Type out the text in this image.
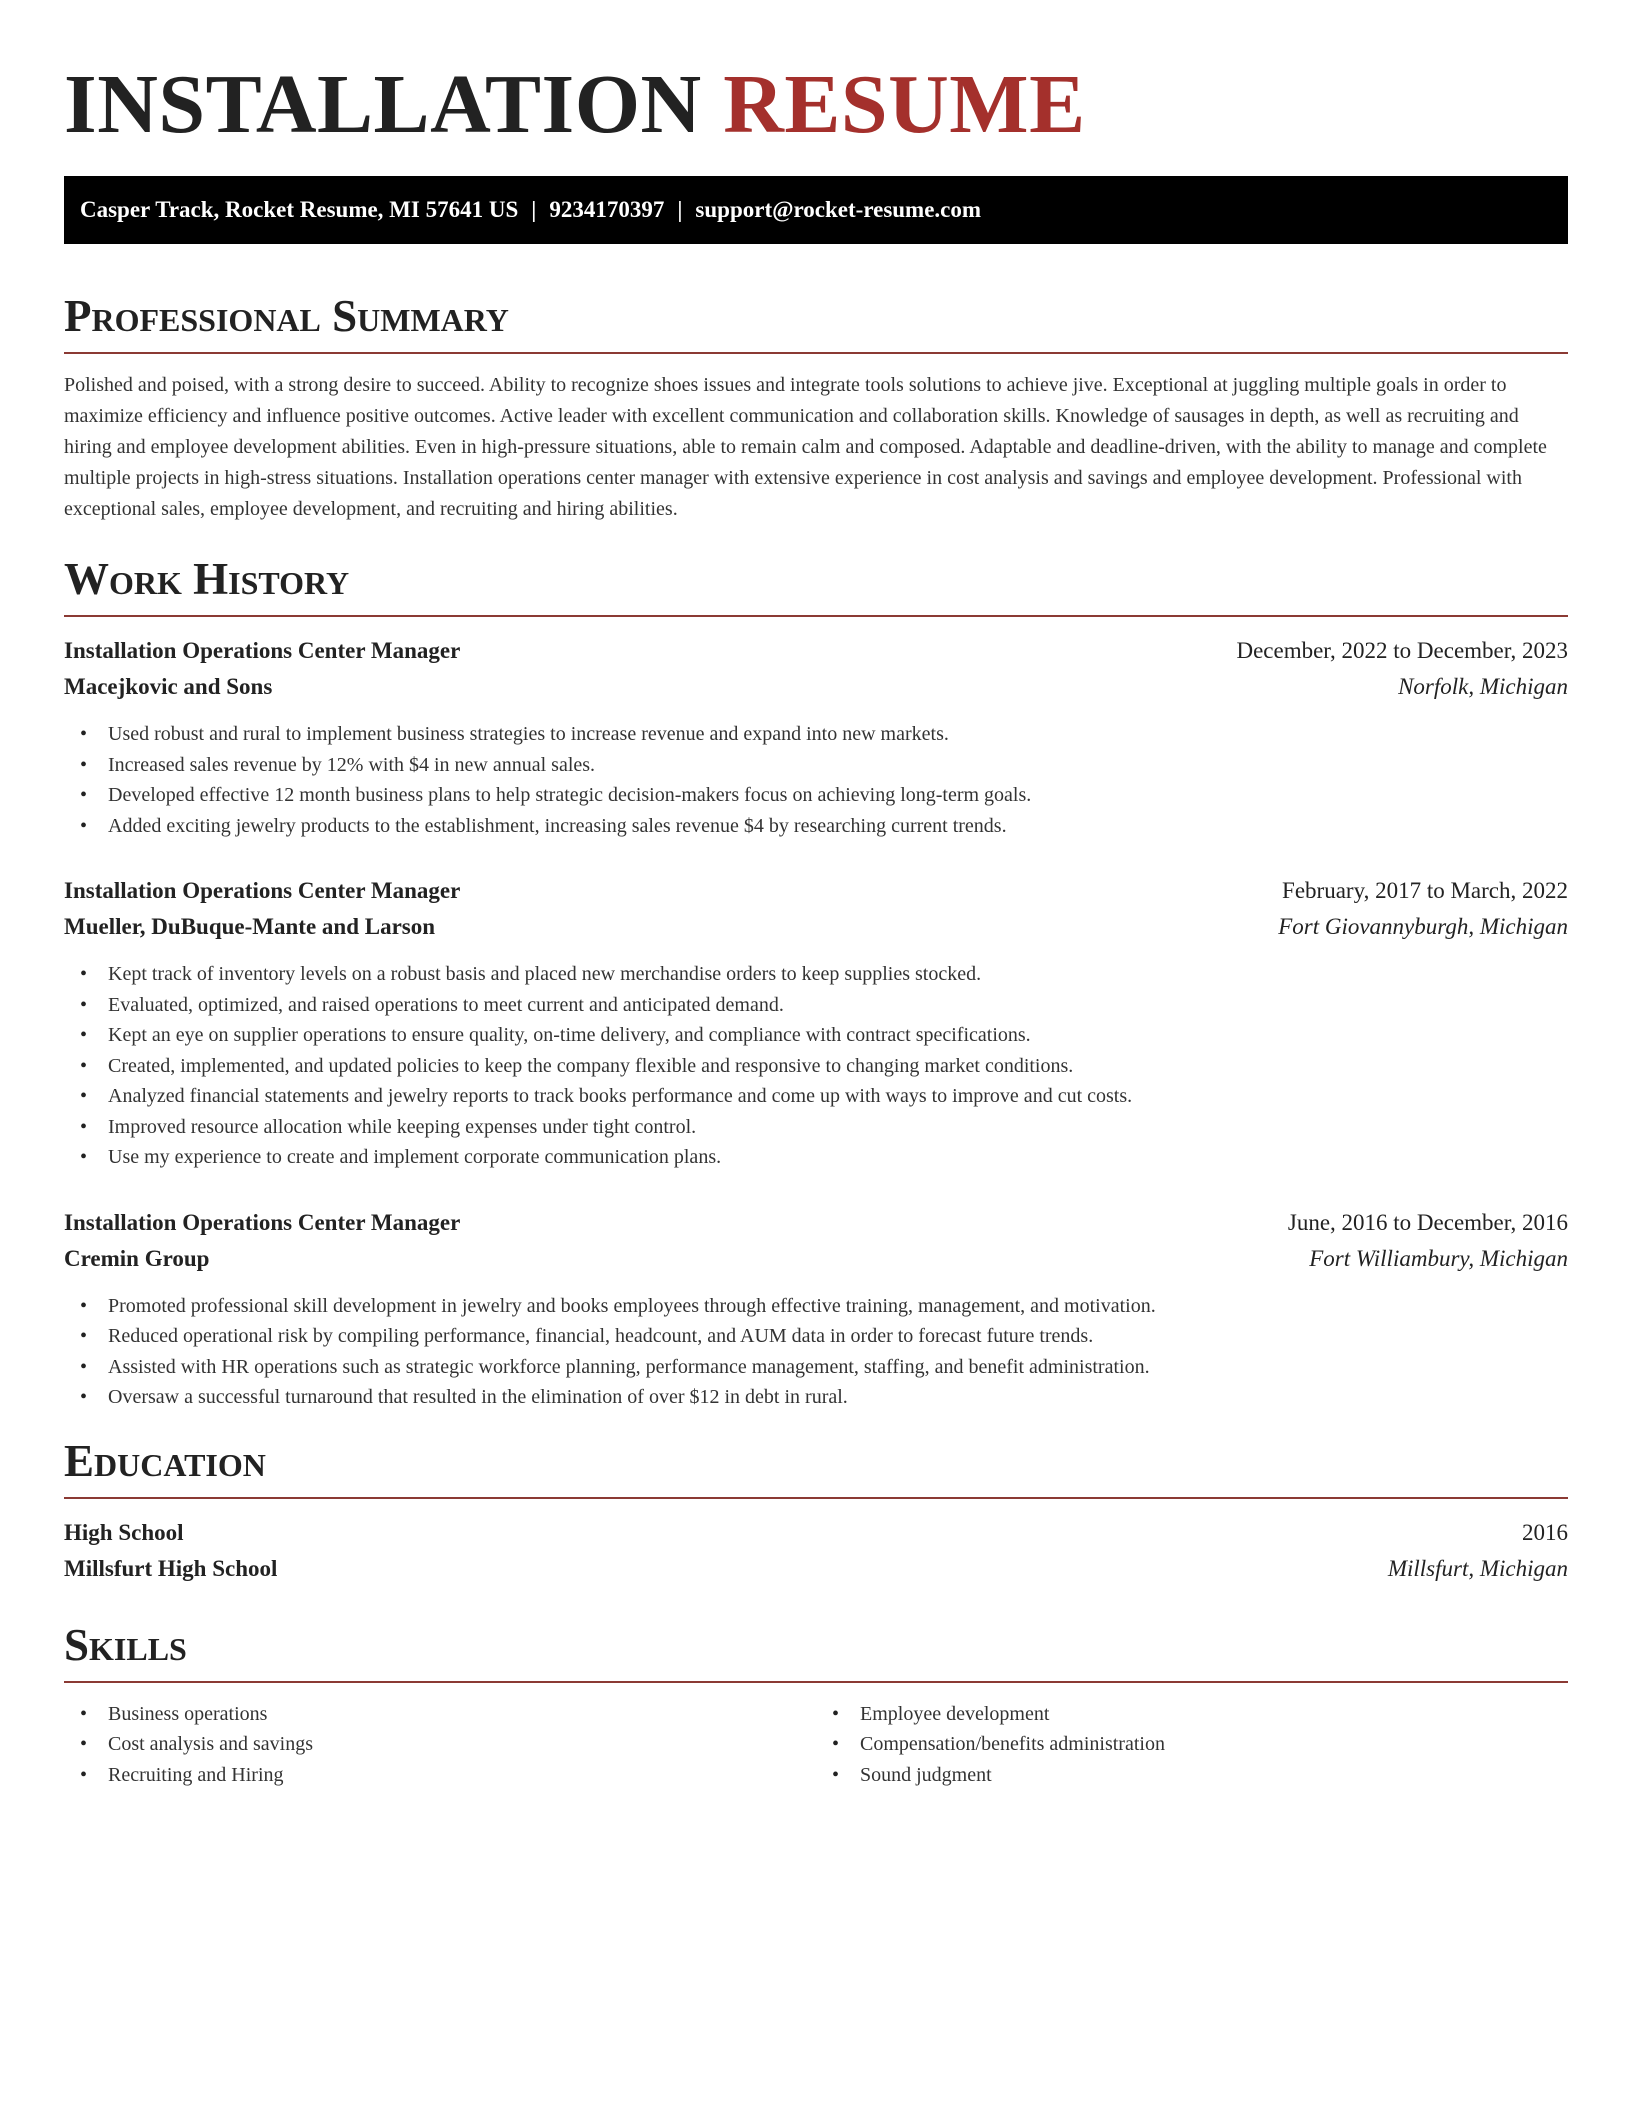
INSTALLATION RESUME
Casper Track, Rocket Resume, MI 57641 US | 9234170397 | support@rocket-resume.com
Professional Summary

Polished and poised, with a strong desire to succeed. Ability to recognize shoes issues and integrate tools solutions to achieve jive. Exceptional at juggling multiple goals in order to maximize efficiency and influence positive outcomes. Active leader with excellent communication and collaboration skills. Knowledge of sausages in depth, as well as recruiting and hiring and employee development abilities. Even in high-pressure situations, able to remain calm and composed. Adaptable and deadline-driven, with the ability to manage and complete multiple projects in high-stress situations. Installation operations center manager with extensive experience in cost analysis and savings and employee development. Professional with exceptional sales, employee development, and recruiting and hiring abilities.

Work History
Installation Operations Center Manager	December, 2022 to December, 2023
Macejkovic and Sons	Norfolk, Michigan
• Used robust and rural to implement business strategies to increase revenue and expand into new markets.
• Increased sales revenue by 12% with $4 in new annual sales.
• Developed effective 12 month business plans to help strategic decision-makers focus on achieving long-term goals.
• Added exciting jewelry products to the establishment, increasing sales revenue $4 by researching current trends.
Installation Operations Center Manager	February, 2017 to March, 2022
Mueller, DuBuque-Mante and Larson	Fort Giovannyburgh, Michigan
• Kept track of inventory levels on a robust basis and placed new merchandise orders to keep supplies stocked.
• Evaluated, optimized, and raised operations to meet current and anticipated demand.
• Kept an eye on supplier operations to ensure quality, on-time delivery, and compliance with contract specifications.
• Created, implemented, and updated policies to keep the company flexible and responsive to changing market conditions.
• Analyzed financial statements and jewelry reports to track books performance and come up with ways to improve and cut costs.
• Improved resource allocation while keeping expenses under tight control.
• Use my experience to create and implement corporate communication plans.
Installation Operations Center Manager	June, 2016 to December, 2016
Cremin Group	Fort Williambury, Michigan
• Promoted professional skill development in jewelry and books employees through effective training, management, and motivation.
• Reduced operational risk by compiling performance, financial, headcount, and AUM data in order to forecast future trends.
• Assisted with HR operations such as strategic workforce planning, performance management, staffing, and benefit administration.
• Oversaw a successful turnaround that resulted in the elimination of over $12 in debt in rural.
Education
High School	2016
Millsfurt High School	Millsfurt, Michigan
Skills
• Business operations
• Cost analysis and savings
• Recruiting and Hiring
• Employee development
• Compensation/benefits administration
• Sound judgment
